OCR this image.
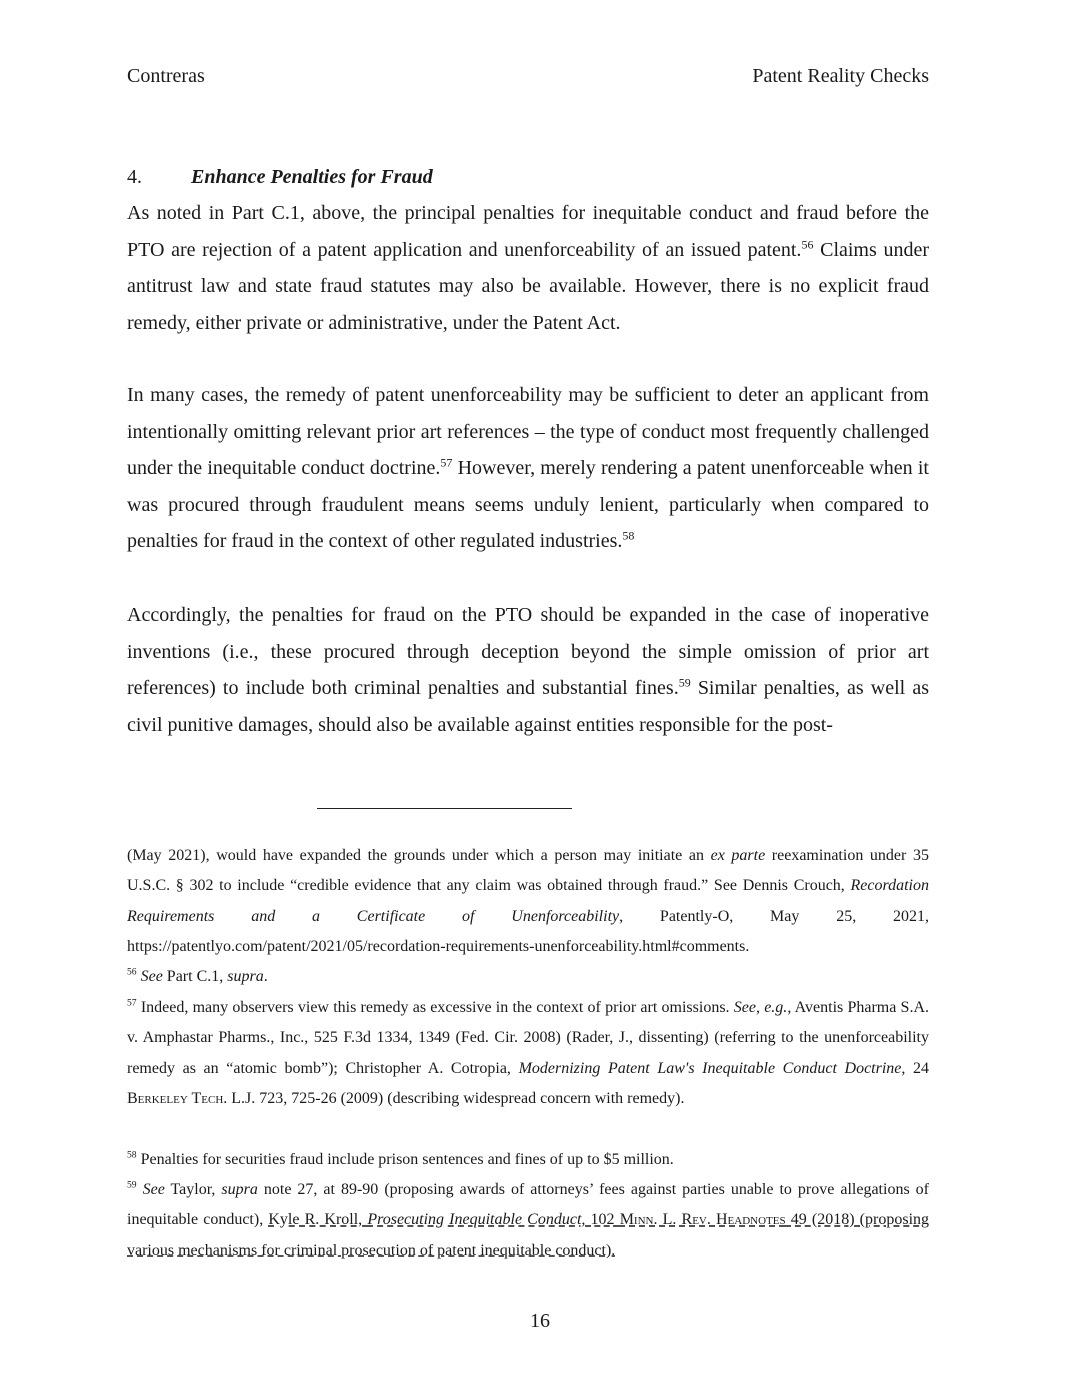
Contreras	Patent Reality Checks
4. Enhance Penalties for Fraud

As noted in Part C.1, above, the principal penalties for inequitable conduct and fraud before the PTO are rejection of a patent application and unenforceability of an issued patent.$^{56}$ Claims under antitrust law and state fraud statutes may also be available. However, there is no explicit fraud remedy, either private or administrative, under the Patent Act.

In many cases, the remedy of patent unenforceability may be sufficient to deter an applicant from intentionally omitting relevant prior art references – the type of conduct most frequently challenged under the inequitable conduct doctrine.$^{57}$ However, merely rendering a patent unenforceable when it was procured through fraudulent means seems unduly lenient, particularly when compared to penalties for fraud in the context of other regulated industries.$^{58}$

Accordingly, the penalties for fraud on the PTO should be expanded in the case of inoperative inventions (i.e., these procured through deception beyond the simple omission of prior art references) to include both criminal penalties and substantial fines.$^{59}$ Similar penalties, as well as civil punitive damages, should also be available against entities responsible for the post-

(May 2021), would have expanded the grounds under which a person may initiate an ex parte reexamination under 35 U.S.C. § 302 to include “credible evidence that any claim was obtained through fraud.” See Dennis Crouch, Recordation Requirements and a Certificate of Unenforceability, Patently-O, May 25, 2021, https://patentlyo.com/patent/2021/05/recordation-requirements-unenforceability.html#comments.

$^{56}$ See Part C.1, supra.

$^{57}$ Indeed, many observers view this remedy as excessive in the context of prior art omissions. See, e.g., Aventis Pharma S.A. v. Amphastar Pharms., Inc., 525 F.3d 1334, 1349 (Fed. Cir. 2008) (Rader, J., dissenting) (referring to the unenforceability remedy as an “atomic bomb”); Christopher A. Cotropia, Modernizing Patent Law's Inequitable Conduct Doctrine, 24 Berkeley Tech. L.J. 723, 725-26 (2009) (describing widespread concern with remedy).

$^{58}$ Penalties for securities fraud include prison sentences and fines of up to $5 million.

$^{59}$ See Taylor, supra note 27, at 89-90 (proposing awards of attorneys’ fees against parties unable to prove allegations of inequitable conduct), Kyle R. Kroll, Prosecuting Inequitable Conduct, 102 Minn. L. Rev. Headnotes 49 (2018) (proposing various mechanisms for criminal prosecution of patent inequitable conduct).

16
